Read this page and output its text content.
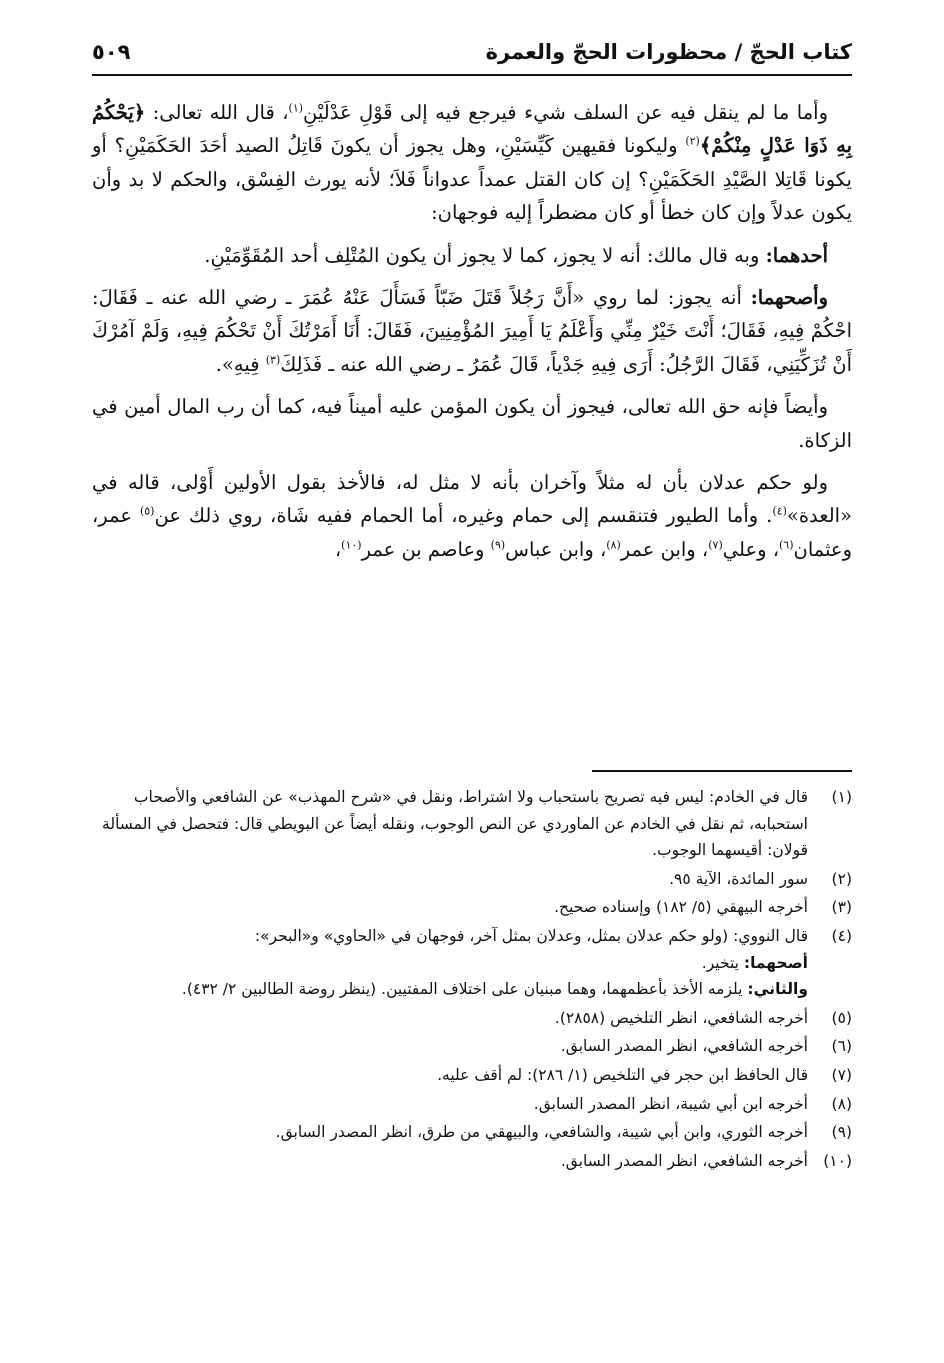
كتاب الحجّ / محظورات الحجّ والعمرة
٥٠٩

وأما ما لم ينقل فيه عن السلف شيء فيرجع فيه إلى قَوْلِ عَدْلَيْنِ$^{(١)}$، قال الله تعالى: ﴿يَحْكُمُ بِهِ ذَوَا عَدْلٍ مِنْكُمْ﴾$^{(٢)}$ وليكونا فقيهين كَيِّسَيْنِ، وهل يجوز أن يكونَ قَاتِلُ الصيد أحَدَ الحَكَمَيْنِ؟ أو يكونا قَاتِلا الصَّيْدِ الحَكَمَيْنِ؟ إن كان القتل عمداً عدواناً فَلاَ؛ لأنه يورث الفِسْق، والحكم لا بد وأن يكون عدلاً وإن كان خطأ أو كان مضطراً إليه فوجهان:

أحدهما: وبه قال مالك: أنه لا يجوز، كما لا يجوز أن يكون المُتْلِف أحد المُقَوِّمَيْنِ.

وأصحهما: أنه يجوز: لما روي «أَنَّ رَجُلاً قَتَلَ ضَبّاً فَسَأَلَ عَنْهُ عُمَرَ ـ رضي الله عنه ـ فَقَالَ: احْكُمْ فِيهِ، فَقَالَ؛ أَنْتَ خَيْرٌ مِنِّي وَأَعْلَمُ يَا أَمِيرَ المُؤْمِنِينَ، فَقَالَ: أَنَا أَمَرْتُكَ أَنْ تَحْكُمَ فِيهِ، وَلَمْ آمُرْكَ أَنْ تُزَكِّيَنِي، فَقَالَ الرَّجُلُ: أَرَى فِيهِ جَدْياً، قَالَ عُمَرُ ـ رضي الله عنه ـ فَذَلِكَ$^{(٣)}$ فِيهِ».

وأيضاً فإنه حق الله تعالى، فيجوز أن يكون المؤمن عليه أميناً فيه، كما أن رب المال أمين في الزكاة.

ولو حكم عدلان بأن له مثلاً وآخران بأنه لا مثل له، فالأخذ بقول الأولين أَوْلى، قاله في «العدة»$^{(٤)}$. وأما الطيور فتنقسم إلى حمام وغيره، أما الحمام ففيه شَاة، روي ذلك عن$^{(٥)}$ عمر، وعثمان$^{(٦)}$، وعلي$^{(٧)}$، وابن عمر$^{(٨)}$، وابن عباس$^{(٩)}$ وعاصم بن عمر$^{(١٠)}$،

(١)
قال في الخادم: ليس فيه تصريح باستحباب ولا اشتراط، ونقل في «شرح المهذب» عن الشافعي والأصحاب استحبابه، ثم نقل في الخادم عن الماوردي عن النص الوجوب، ونقله أيضاً عن البويطي قال: فتحصل في المسألة قولان: أقيسهما الوجوب.
(٢)
سور المائدة، الآية ٩٥.
(٣)
أخرجه البيهقي (٥/ ١٨٢) وإسناده صحيح.
(٤)
قال النووي: (ولو حكم عدلان بمثل، وعدلان بمثل آخر، فوجهان في «الحاوي» و«البحر»:
أصحهما: يتخير.
والثاني: يلزمه الأخذ بأعظمهما، وهما مبنيان على اختلاف المفتيين. (ينظر روضة الطالبين ٢/ ٤٣٢).
(٥)
أخرجه الشافعي، انظر التلخيص (٢٨٥٨).
(٦)
أخرجه الشافعي، انظر المصدر السابق.
(٧)
قال الحافظ ابن حجر في التلخيص (١/ ٢٨٦): لم أقف عليه.
(٨)
أخرجه ابن أبي شيبة، انظر المصدر السابق.
(٩)
أخرجه الثوري، وابن أبي شيبة، والشافعي، والبيهقي من طرق، انظر المصدر السابق.
(١٠)
أخرجه الشافعي، انظر المصدر السابق.
